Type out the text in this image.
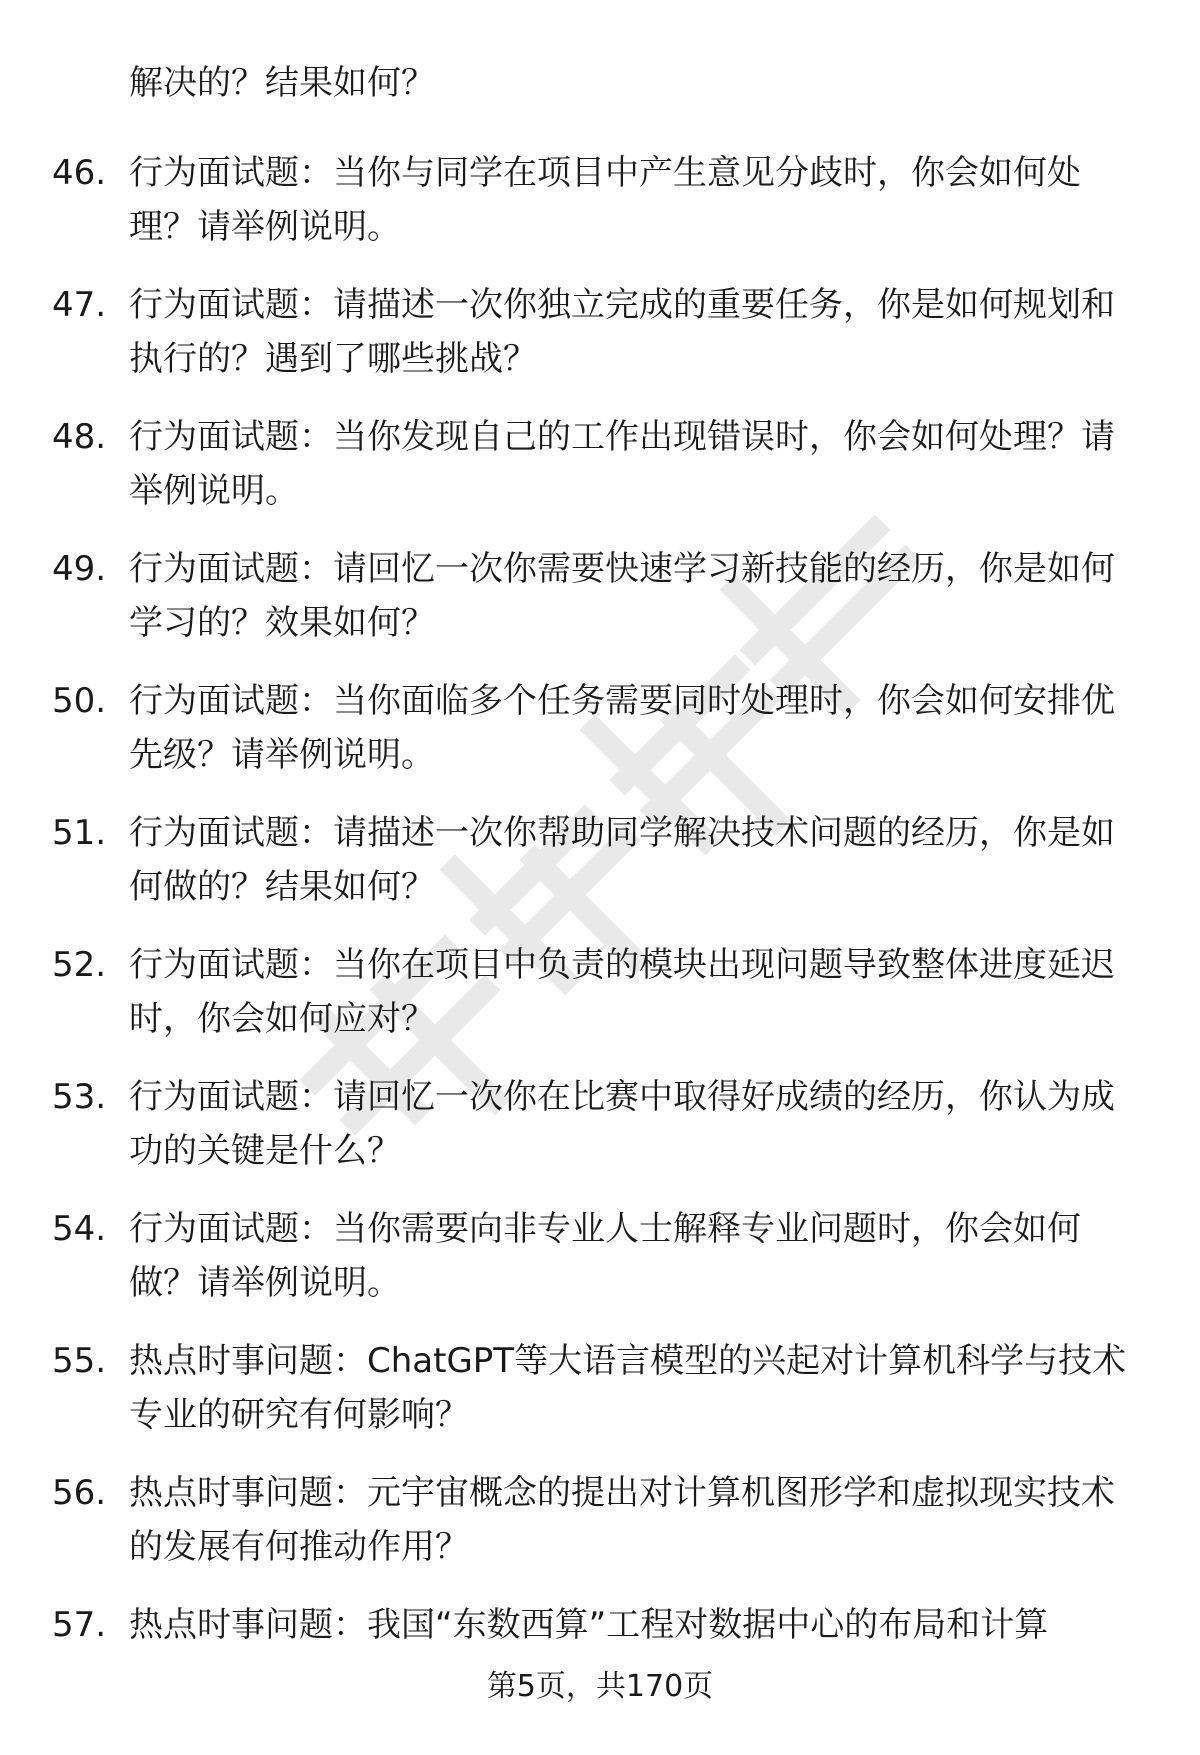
解决的？结果如何？

46. 行为面试题：当你与同学在项目中产生意见分歧时，你会如何处理？请举例说明。
47. 行为面试题：请描述一次你独立完成的重要任务，你是如何规划和执行的？遇到了哪些挑战？
48. 行为面试题：当你发现自己的工作出现错误时，你会如何处理？请举例说明。
49. 行为面试题：请回忆一次你需要快速学习新技能的经历，你是如何学习的？效果如何？
50. 行为面试题：当你面临多个任务需要同时处理时，你会如何安排优先级？请举例说明。
51. 行为面试题：请描述一次你帮助同学解决技术问题的经历，你是如何做的？结果如何？
52. 行为面试题：当你在项目中负责的模块出现问题导致整体进度延迟时，你会如何应对？
53. 行为面试题：请回忆一次你在比赛中取得好成绩的经历，你认为成功的关键是什么？
54. 行为面试题：当你需要向非专业人士解释专业问题时，你会如何做？请举例说明。
55. 热点时事问题：ChatGPT等大语言模型的兴起对计算机科学与技术专业的研究有何影响？
56. 热点时事问题：元宇宙概念的提出对计算机图形学和虚拟现实技术的发展有何推动作用？
57. 热点时事问题：我国“东数西算”工程对数据中心的布局和计算
第5页，共170页
